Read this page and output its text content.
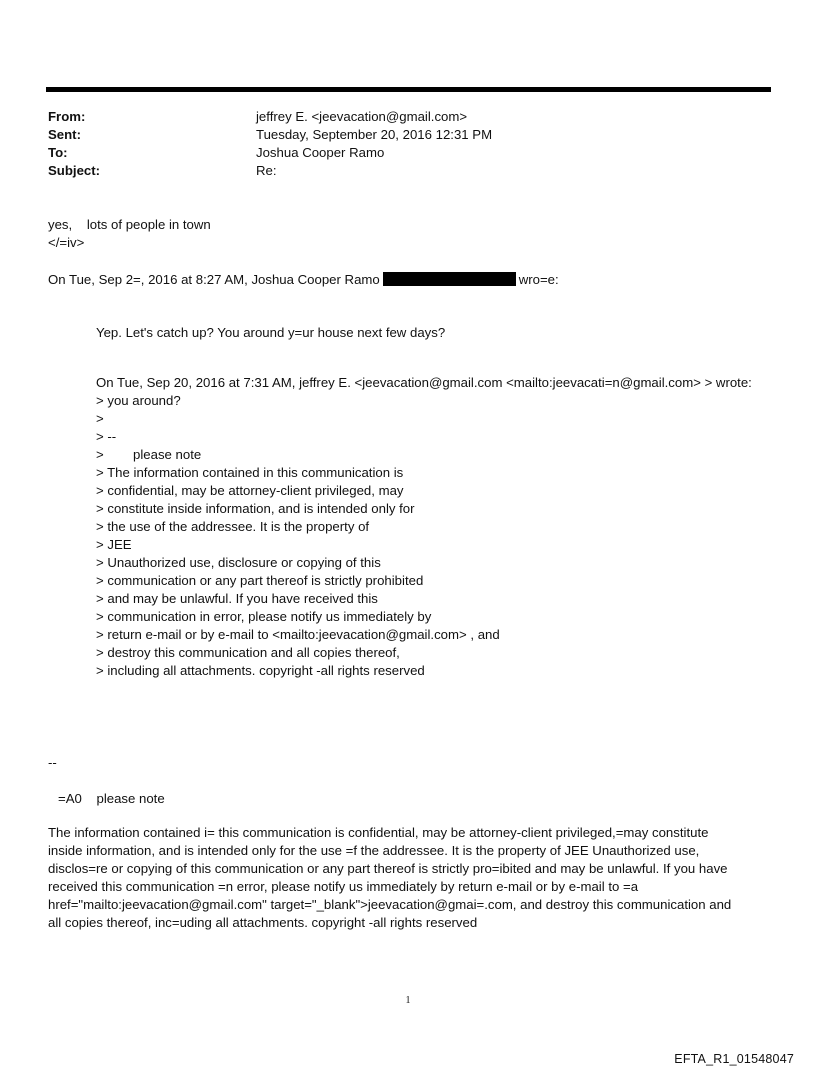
From:	jeffrey E. <jeevacation@gmail.com>
Sent:	Tuesday, September 20, 2016 12:31 PM
To:	Joshua Cooper Ramo
Subject:	Re:
yes,    lots of people in town
</=iv>
On Tue, Sep 2=, 2016 at 8:27 AM, Joshua Cooper Ramo	wro=e:
Yep. Let's catch up? You around y=ur house next few days?
On Tue, Sep 20, 2016 at 7:31 AM, jeffrey E. <jeevacation@gmail.com <mailto:jeevacati=n@gmail.com> > wrote:
> you around?
>
> --
>        please note
> The information contained in this communication is
> confidential, may be attorney-client privileged, may
> constitute inside information, and is intended only for
> the use of the addressee. It is the property of
> JEE
> Unauthorized use, disclosure or copying of this
> communication or any part thereof is strictly prohibited
> and may be unlawful. If you have received this
> communication in error, please notify us immediately by
> return e-mail or by e-mail to <mailto:jeevacation@gmail.com> , and
> destroy this communication and all copies thereof,
> including all attachments. copyright -all rights reserved
--
=A0    please note
The information contained i= this communication is confidential, may be attorney-client privileged,=may constitute
inside information, and is intended only for the use =f the addressee. It is the property of JEE Unauthorized use,
disclos=re or copying of this communication or any part thereof is strictly pro=ibited and may be unlawful. If you have
received this communication =n error, please notify us immediately by return e-mail or by e-mail to =a
href="mailto:jeevacation@gmail.com" target="_blank">jeevacation@gmai=.com, and destroy this communication and
all copies thereof, inc=uding all attachments. copyright -all rights reserved
1
EFTA_R1_01548047
